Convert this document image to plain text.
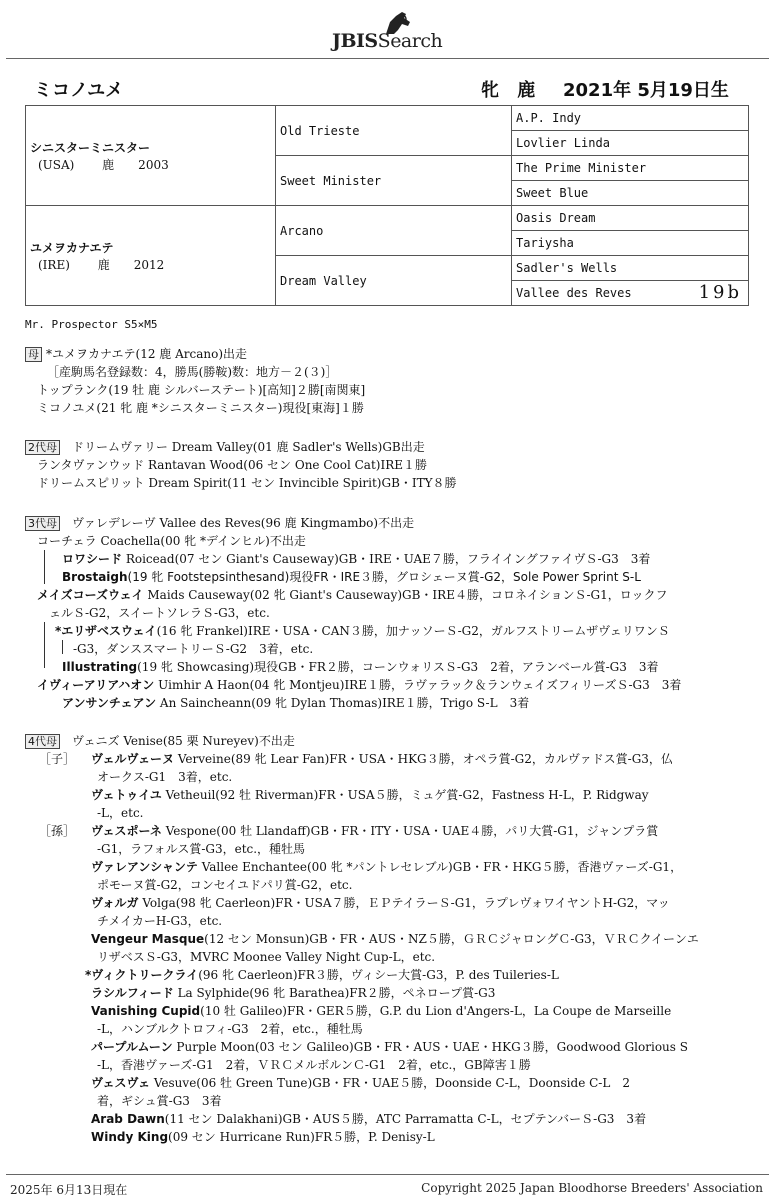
JBISSearch
ミコノユメ	牝 鹿 2021年 5月19日生
シニスターミニスター
(USA)　　 鹿　　2003	Old Trieste	A.P. Indy
		Lovlier Linda
	Sweet Minister	The Prime Minister
		Sweet Blue

ユメヲカナエテ
(IRE)　　 鹿　　2012	Arcano	Oasis Dream
		Tariysha
	Dream Valley	Sadler's Wells
		Vallee des Reves 19b
Mr. Prospector S5×M5
母 *ユメヲカナエテ(12 鹿 Arcano)出走
［産駒馬名登録数：4，勝馬(勝鞍)数：地方－２(３)］
トップランク(19 牡 鹿 シルバーステート)[高知]２勝[南関東]
ミコノユメ(21 牝 鹿 *シニスターミニスター)現役[東海]１勝
2代母 ドリームヴァリー Dream Valley(01 鹿 Sadler's Wells)GB出走
ランタヴァンウッド Rantavan Wood(06 セン One Cool Cat)IRE１勝
ドリームスピリット Dream Spirit(11 セン Invincible Spirit)GB・ITY８勝
3代母 ヴァレデレーヴ Vallee des Reves(96 鹿 Kingmambo)不出走
コーチェラ Coachella(00 牝 *デインヒル)不出走
ロワシード Roicead(07 セン Giant's Causeway)GB・IRE・UAE７勝，フライイングファイヴＳ-G3　3着
Brostaigh(19 牝 Footstepsinthesand)現役FR・IRE３勝，グロシェーヌ賞-G2，Sole Power Sprint S-L
メイズコーズウェイ Maids Causeway(02 牝 Giant's Causeway)GB・IRE４勝，コロネイションＳ-G1，ロックフ
ェルＳ-G2，スイートソレラＳ-G3，etc.
*エリザベスウェイ(16 牝 Frankel)IRE・USA・CAN３勝，加ナッソーＳ-G2，ガルフストリームザヴェリワンＳ
-G3，ダンススマートリーＳ-G2　3着，etc.
Illustrating(19 牝 Showcasing)現役GB・FR２勝，コーンウォリスＳ-G3　2着，アランベール賞-G3　3着
イヴィーアリアハオン Uimhir A Haon(04 牝 Montjeu)IRE１勝，ラヴァラック＆ランウェイズフィリーズＳ-G3　3着
アンサンチェアン An Saincheann(09 牝 Dylan Thomas)IRE１勝，Trigo S-L　3着
4代母 ヴェニズ Venise(85 栗 Nureyev)不出走
［子］ ヴェルヴェーヌ Verveine(89 牝 Lear Fan)FR・USA・HKG３勝，オペラ賞-G2，カルヴァドス賞-G3，仏
オークス-G1　3着，etc.
ヴェトゥイユ Vetheuil(92 牡 Riverman)FR・USA５勝，ミュゲ賞-G2，Fastness H-L，P. Ridgway
-L，etc.
［孫］ ヴェスポーネ Vespone(00 牡 Llandaff)GB・FR・ITY・USA・UAE４勝，パリ大賞-G1，ジャンプラ賞
-G1，ラフォルス賞-G3，etc.，種牡馬
ヴァレアンシャンテ Vallee Enchantee(00 牝 *パントレセレブル)GB・FR・HKG５勝，香港ヴァーズ-G1，
ポモーヌ賞-G2，コンセイユドパリ賞-G2，etc.
ヴォルガ Volga(98 牝 Caerleon)FR・USA７勝，ＥＰテイラーＳ-G1，ラプレヴォワイヤントH-G2，マッ
チメイカーH-G3，etc.
Vengeur Masque(12 セン Monsun)GB・FR・AUS・NZ５勝，ＧＲＣジャロングＣ-G3，ＶＲＣクイーンエ
リザベスＳ-G3，MVRC Moonee Valley Night Cup-L，etc.
*ヴィクトリークライ(96 牝 Caerleon)FR３勝，ヴィシー大賞-G3，P. des Tuileries-L
ラシルフィード La Sylphide(96 牝 Barathea)FR２勝，ペネロープ賞-G3
Vanishing Cupid(10 牡 Galileo)FR・GER５勝，G.P. du Lion d'Angers-L，La Coupe de Marseille
-L，ハンブルクトロフィ-G3　2着，etc.，種牡馬
パープルムーン Purple Moon(03 セン Galileo)GB・FR・AUS・UAE・HKG３勝，Goodwood Glorious S
-L，香港ヴァーズ-G1　2着，ＶＲＣメルボルンＣ-G1　2着，etc.，GB障害１勝
ヴェスヴェ Vesuve(06 牡 Green Tune)GB・FR・UAE５勝，Doonside C-L，Doonside C-L　2
着，ギシュ賞-G3　3着
Arab Dawn(11 セン Dalakhani)GB・AUS５勝，ATC Parramatta C-L，セプテンバーＳ-G3　3着
Windy King(09 セン Hurricane Run)FR５勝，P. Denisy-L
2025年 6月13日現在	Copyright 2025 Japan Bloodhorse Breeders' Association
